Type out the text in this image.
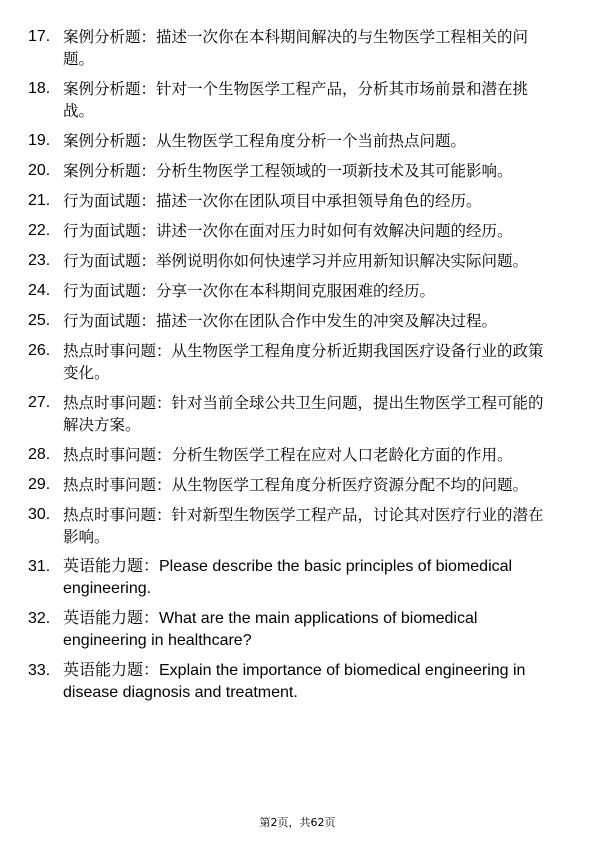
17. 案例分析题：描述一次你在本科期间解决的与生物医学工程相关的问题。
18. 案例分析题：针对一个生物医学工程产品，分析其市场前景和潜在挑战。
19. 案例分析题：从生物医学工程角度分析一个当前热点问题。
20. 案例分析题：分析生物医学工程领域的一项新技术及其可能影响。
21. 行为面试题：描述一次你在团队项目中承担领导角色的经历。
22. 行为面试题：讲述一次你在面对压力时如何有效解决问题的经历。
23. 行为面试题：举例说明你如何快速学习并应用新知识解决实际问题。
24. 行为面试题：分享一次你在本科期间克服困难的经历。
25. 行为面试题：描述一次你在团队合作中发生的冲突及解决过程。
26. 热点时事问题：从生物医学工程角度分析近期我国医疗设备行业的政策变化。
27. 热点时事问题：针对当前全球公共卫生问题，提出生物医学工程可能的解决方案。
28. 热点时事问题：分析生物医学工程在应对人口老龄化方面的作用。
29. 热点时事问题：从生物医学工程角度分析医疗资源分配不均的问题。
30. 热点时事问题：针对新型生物医学工程产品，讨论其对医疗行业的潜在影响。
31. 英语能力题：Please describe the basic principles of biomedical engineering.
32. 英语能力题：What are the main applications of biomedical engineering in healthcare?
33. 英语能力题：Explain the importance of biomedical engineering in disease diagnosis and treatment.
第2页，共62页
